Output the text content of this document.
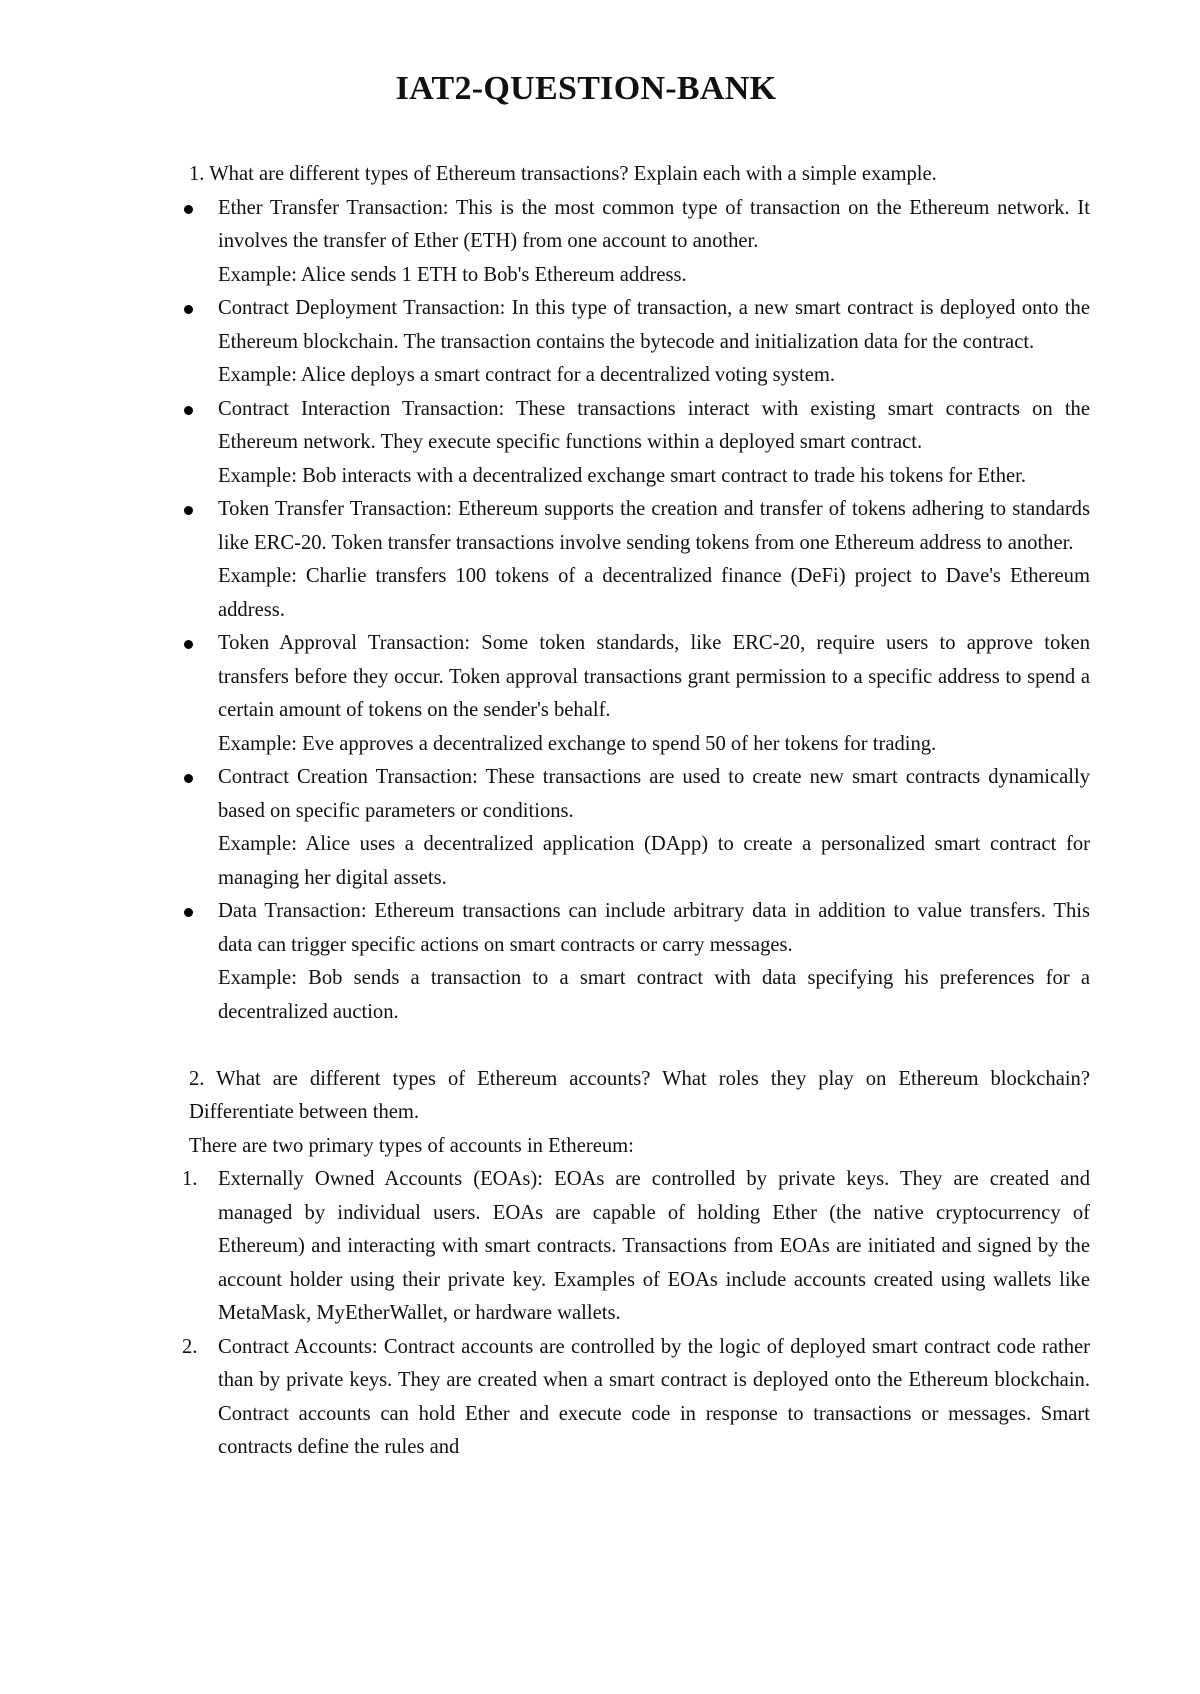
IAT2-QUESTION-BANK

1. What are different types of Ethereum transactions? Explain each with a simple example.

Ether Transfer Transaction: This is the most common type of transaction on the Ethereum network. It involves the transfer of Ether (ETH) from one account to another.

Example: Alice sends 1 ETH to Bob's Ethereum address.

Contract Deployment Transaction: In this type of transaction, a new smart contract is deployed onto the Ethereum blockchain. The transaction contains the bytecode and initialization data for the contract.

Example: Alice deploys a smart contract for a decentralized voting system.

Contract Interaction Transaction: These transactions interact with existing smart contracts on the Ethereum network. They execute specific functions within a deployed smart contract.

Example: Bob interacts with a decentralized exchange smart contract to trade his tokens for Ether.

Token Transfer Transaction: Ethereum supports the creation and transfer of tokens adhering to standards like ERC-20. Token transfer transactions involve sending tokens from one Ethereum address to another.

Example: Charlie transfers 100 tokens of a decentralized finance (DeFi) project to Dave's Ethereum address.

Token Approval Transaction: Some token standards, like ERC-20, require users to approve token transfers before they occur. Token approval transactions grant permission to a specific address to spend a certain amount of tokens on the sender's behalf.

Example: Eve approves a decentralized exchange to spend 50 of her tokens for trading.

Contract Creation Transaction: These transactions are used to create new smart contracts dynamically based on specific parameters or conditions.

Example: Alice uses a decentralized application (DApp) to create a personalized smart contract for managing her digital assets.

Data Transaction: Ethereum transactions can include arbitrary data in addition to value transfers. This data can trigger specific actions on smart contracts or carry messages.

Example: Bob sends a transaction to a smart contract with data specifying his preferences for a decentralized auction.

2. What are different types of Ethereum accounts? What roles they play on Ethereum blockchain? Differentiate between them.

There are two primary types of accounts in Ethereum:

1. Externally Owned Accounts (EOAs): EOAs are controlled by private keys. They are created and managed by individual users. EOAs are capable of holding Ether (the native cryptocurrency of Ethereum) and interacting with smart contracts. Transactions from EOAs are initiated and signed by the account holder using their private key. Examples of EOAs include accounts created using wallets like MetaMask, MyEtherWallet, or hardware wallets.

2. Contract Accounts: Contract accounts are controlled by the logic of deployed smart contract code rather than by private keys. They are created when a smart contract is deployed onto the Ethereum blockchain. Contract accounts can hold Ether and execute code in response to transactions or messages. Smart contracts define the rules and
